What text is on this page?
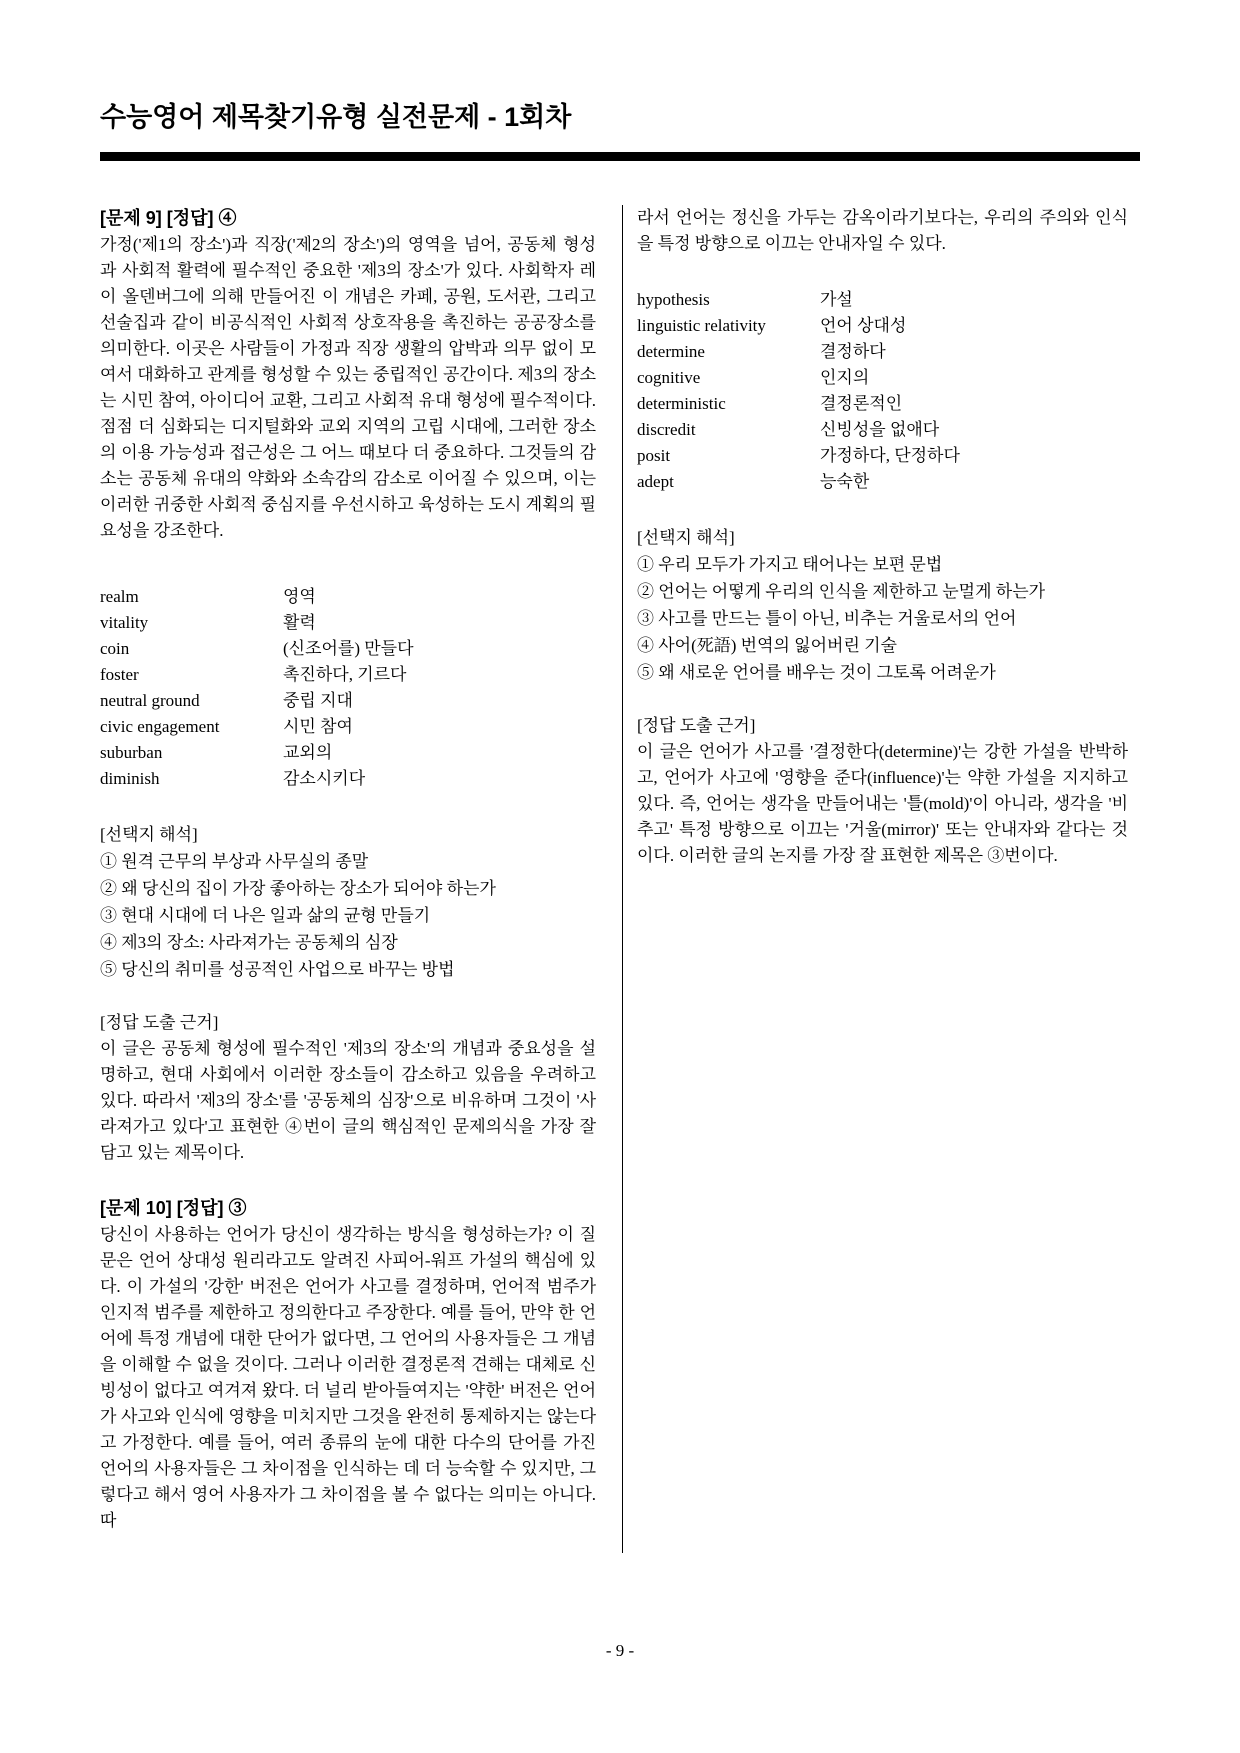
수능영어 제목찾기유형 실전문제 - 1회차
[문제 9] [정답] ④

가정('제1의 장소')과 직장('제2의 장소')의 영역을 넘어, 공동체 형성과 사회적 활력에 필수적인 중요한 '제3의 장소'가 있다. 사회학자 레이 올덴버그에 의해 만들어진 이 개념은 카페, 공원, 도서관, 그리고 선술집과 같이 비공식적인 사회적 상호작용을 촉진하는 공공장소를 의미한다. 이곳은 사람들이 가정과 직장 생활의 압박과 의무 없이 모여서 대화하고 관계를 형성할 수 있는 중립적인 공간이다. 제3의 장소는 시민 참여, 아이디어 교환, 그리고 사회적 유대 형성에 필수적이다. 점점 더 심화되는 디지털화와 교외 지역의 고립 시대에, 그러한 장소의 이용 가능성과 접근성은 그 어느 때보다 더 중요하다. 그것들의 감소는 공동체 유대의 약화와 소속감의 감소로 이어질 수 있으며, 이는 이러한 귀중한 사회적 중심지를 우선시하고 육성하는 도시 계획의 필요성을 강조한다.

realm	영역
vitality	활력
coin	(신조어를) 만들다
foster	촉진하다, 기르다
neutral ground	중립 지대
civic engagement	시민 참여
suburban	교외의
diminish	감소시키다
[선택지 해석]
① 원격 근무의 부상과 사무실의 종말
② 왜 당신의 집이 가장 좋아하는 장소가 되어야 하는가
③ 현대 시대에 더 나은 일과 삶의 균형 만들기
④ 제3의 장소: 사라져가는 공동체의 심장
⑤ 당신의 취미를 성공적인 사업으로 바꾸는 방법
[정답 도출 근거]

이 글은 공동체 형성에 필수적인 '제3의 장소'의 개념과 중요성을 설명하고, 현대 사회에서 이러한 장소들이 감소하고 있음을 우려하고 있다. 따라서 '제3의 장소'를 '공동체의 심장'으로 비유하며 그것이 '사라져가고 있다'고 표현한 ④번이 글의 핵심적인 문제의식을 가장 잘 담고 있는 제목이다.

[문제 10] [정답] ③

당신이 사용하는 언어가 당신이 생각하는 방식을 형성하는가? 이 질문은 언어 상대성 원리라고도 알려진 사피어-워프 가설의 핵심에 있다. 이 가설의 '강한' 버전은 언어가 사고를 결정하며, 언어적 범주가 인지적 범주를 제한하고 정의한다고 주장한다. 예를 들어, 만약 한 언어에 특정 개념에 대한 단어가 없다면, 그 언어의 사용자들은 그 개념을 이해할 수 없을 것이다. 그러나 이러한 결정론적 견해는 대체로 신빙성이 없다고 여겨져 왔다. 더 널리 받아들여지는 '약한' 버전은 언어가 사고와 인식에 영향을 미치지만 그것을 완전히 통제하지는 않는다고 가정한다. 예를 들어, 여러 종류의 눈에 대한 다수의 단어를 가진 언어의 사용자들은 그 차이점을 인식하는 데 더 능숙할 수 있지만, 그렇다고 해서 영어 사용자가 그 차이점을 볼 수 없다는 의미는 아니다. 따

라서 언어는 정신을 가두는 감옥이라기보다는, 우리의 주의와 인식을 특정 방향으로 이끄는 안내자일 수 있다.

hypothesis	가설
linguistic relativity	언어 상대성
determine	결정하다
cognitive	인지의
deterministic	결정론적인
discredit	신빙성을 없애다
posit	가정하다, 단정하다
adept	능숙한
[선택지 해석]
① 우리 모두가 가지고 태어나는 보편 문법
② 언어는 어떻게 우리의 인식을 제한하고 눈멀게 하는가
③ 사고를 만드는 틀이 아닌, 비추는 거울로서의 언어
④ 사어(死語) 번역의 잃어버린 기술
⑤ 왜 새로운 언어를 배우는 것이 그토록 어려운가
[정답 도출 근거]

이 글은 언어가 사고를 '결정한다(determine)'는 강한 가설을 반박하고, 언어가 사고에 '영향을 준다(influence)'는 약한 가설을 지지하고 있다. 즉, 언어는 생각을 만들어내는 '틀(mold)'이 아니라, 생각을 '비추고' 특정 방향으로 이끄는 '거울(mirror)' 또는 안내자와 같다는 것이다. 이러한 글의 논지를 가장 잘 표현한 제목은 ③번이다.

- 9 -
